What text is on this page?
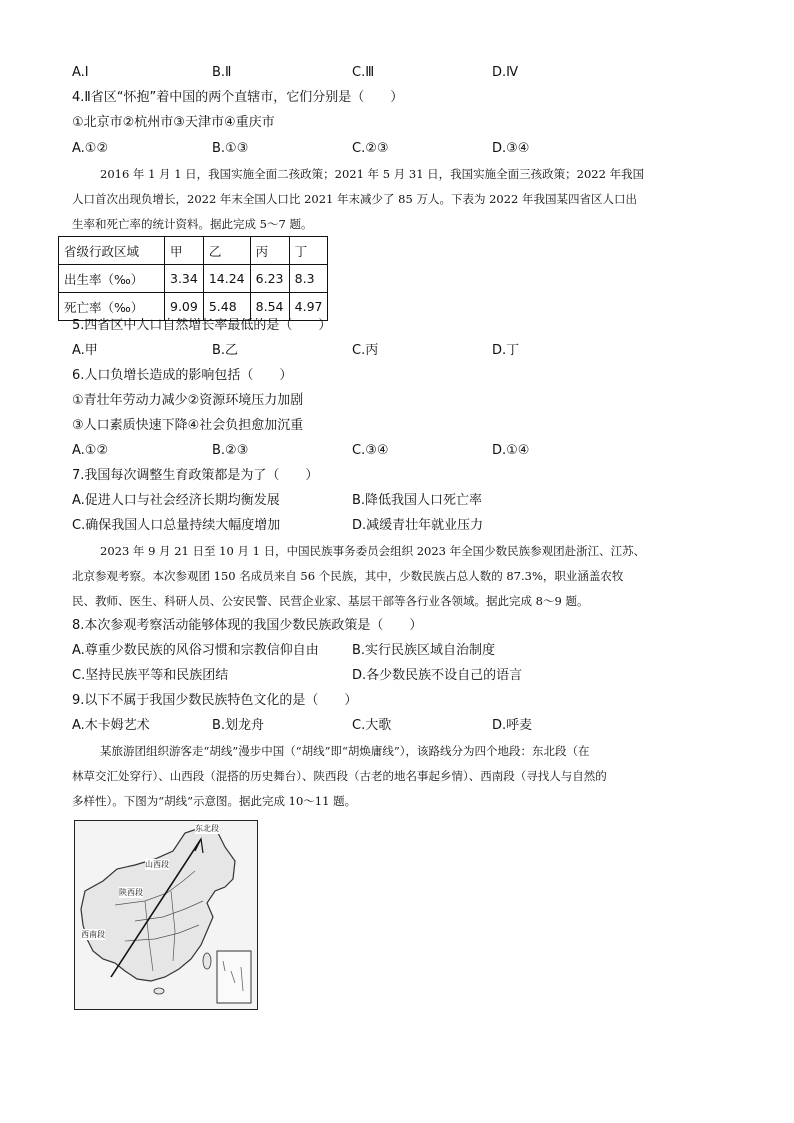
A.Ⅰ	B.Ⅱ	C.Ⅲ	D.Ⅳ
4.Ⅱ省区“怀抱”着中国的两个直辖市，它们分别是（　　）
①北京市②杭州市③天津市④重庆市
A.①②	B.①③	C.②③	D.③④
2016 年 1 月 1 日，我国实施全面二孩政策；2021 年 5 月 31 日，我国实施全面三孩政策；2022 年我国
人口首次出现负增长，2022 年末全国人口比 2021 年末减少了 85 万人。下表为 2022 年我国某四省区人口出
生率和死亡率的统计资料。据此完成 5～7 题。
省级行政区域	甲	乙	丙	丁
出生率（‰）	3.34	14.24	6.23	8.3
死亡率（‰）	9.09	5.48	8.54	4.97
5.四省区中人口自然增长率最低的是（　　）
A.甲	B.乙	C.丙	D.丁
6.人口负增长造成的影响包括（　　）
①青壮年劳动力减少②资源环境压力加剧
③人口素质快速下降④社会负担愈加沉重
A.①②	B.②③	C.③④	D.①④
7.我国每次调整生育政策都是为了（　　）
A.促进人口与社会经济长期均衡发展	B.降低我国人口死亡率
C.确保我国人口总量持续大幅度增加	D.减缓青壮年就业压力
2023 年 9 月 21 日至 10 月 1 日，中国民族事务委员会组织 2023 年全国少数民族参观团赴浙江、江苏、
北京参观考察。本次参观团 150 名成员来自 56 个民族，其中，少数民族占总人数的 87.3%，职业涵盖农牧
民、教师、医生、科研人员、公安民警、民营企业家、基层干部等各行业各领域。据此完成 8～9 题。
8.本次参观考察活动能够体现的我国少数民族政策是（　　）
A.尊重少数民族的风俗习惯和宗教信仰自由	B.实行民族区域自治制度
C.坚持民族平等和民族团结	D.各少数民族不设自己的语言
9.以下不属于我国少数民族特色文化的是（　　）
A.木卡姆艺术	B.划龙舟	C.大歌	D.呼麦
某旅游团组织游客走“胡线”漫步中国（“胡线”即“胡焕庸线”），该路线分为四个地段：东北段（在
林草交汇处穿行）、山西段（混搭的历史舞台）、陕西段（古老的地名事起乡情）、西南段（寻找人与自然的
多样性）。下图为“胡线”示意图。据此完成 10～11 题。
东北段
山西段
陕西段
西南段
